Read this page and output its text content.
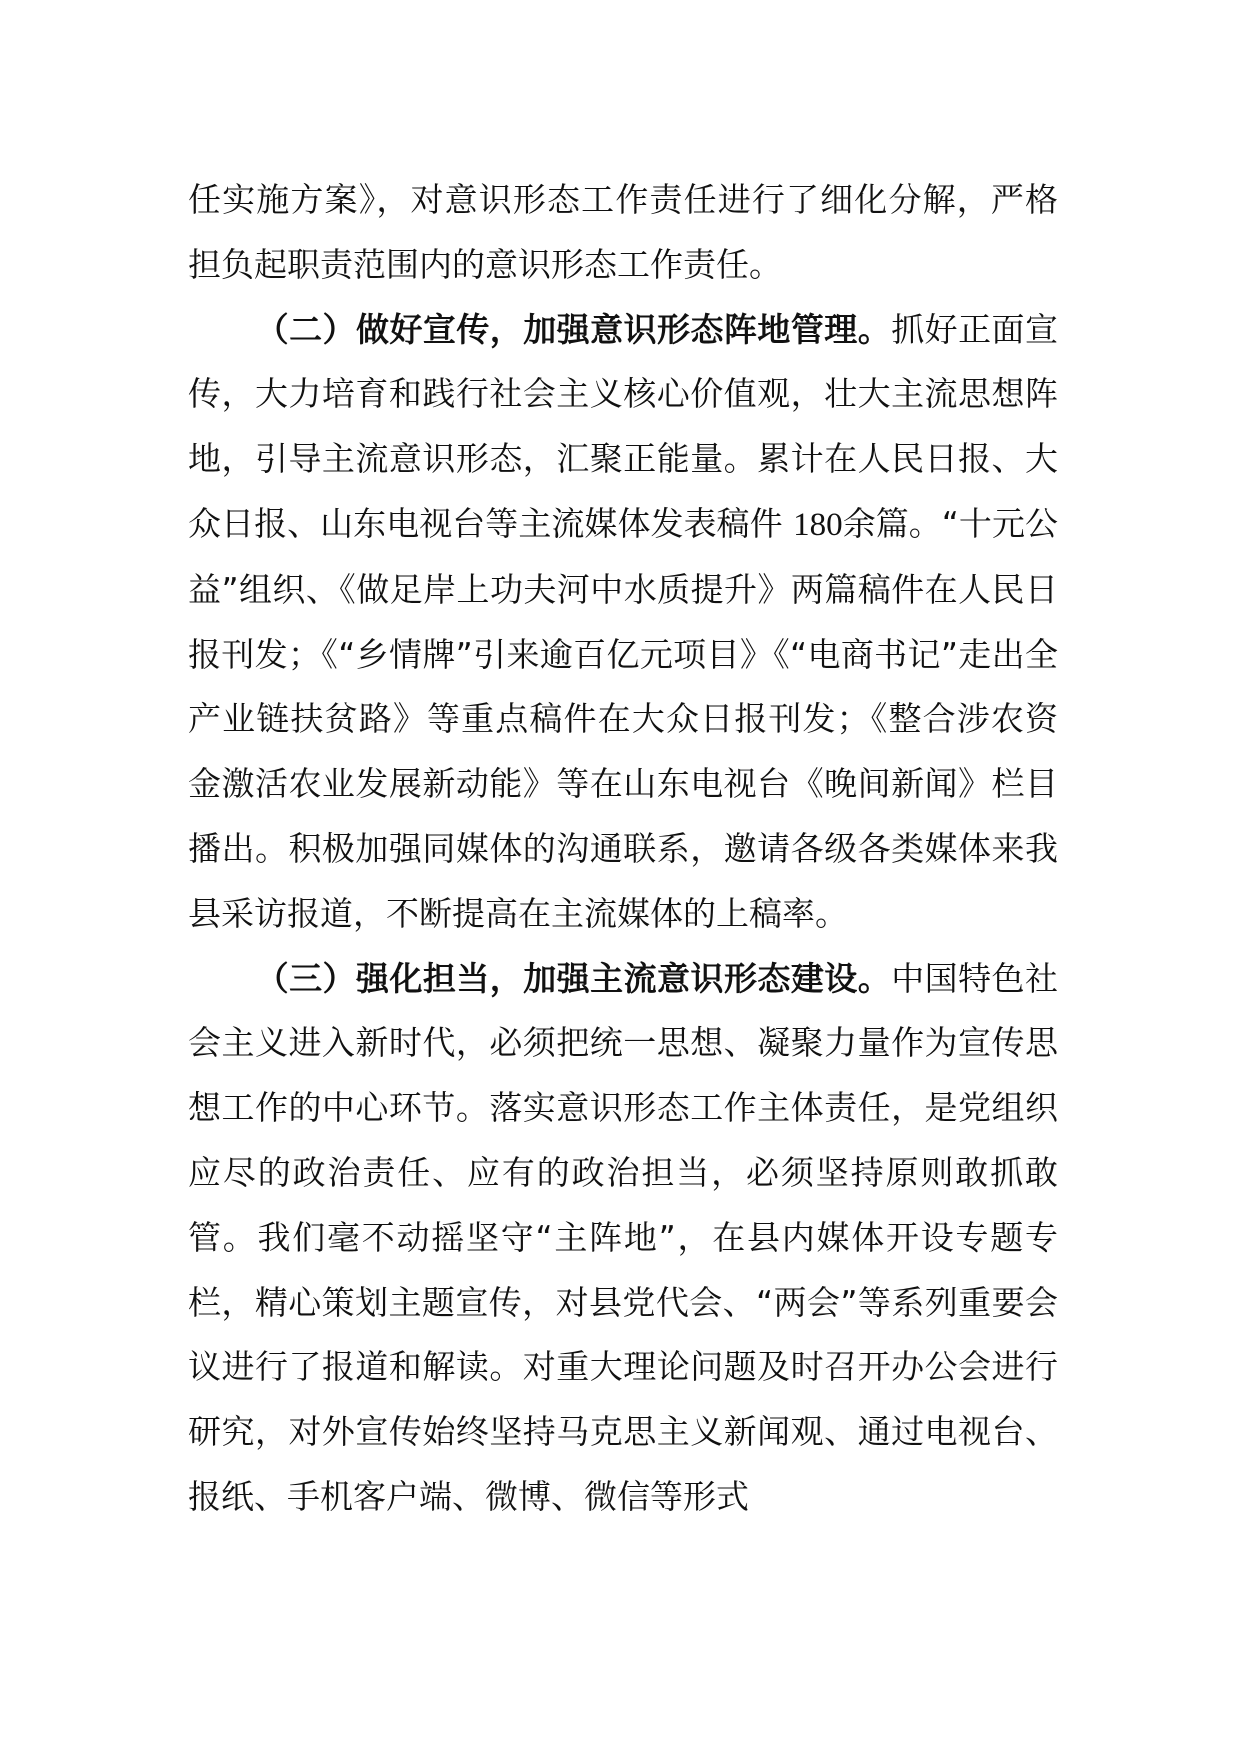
任实施方案》，对意识形态工作责任进行了细化分解，严格担负起职责范围内的意识形态工作责任。

（二）做好宣传，加强意识形态阵地管理。抓好正面宣传，大力培育和践行社会主义核心价值观，壮大主流思想阵地，引导主流意识形态，汇聚正能量。累计在人民日报、大众日报、山东电视台等主流媒体发表稿件 180余篇。“十元公益”组织、《做足岸上功夫河中水质提升》两篇稿件在人民日报刊发；《“乡情牌”引来逾百亿元项目》《“电商书记”走出全产业链扶贫路》等重点稿件在大众日报刊发；《整合涉农资金激活农业发展新动能》等在山东电视台《晚间新闻》栏目播出。积极加强同媒体的沟通联系，邀请各级各类媒体来我县采访报道，不断提高在主流媒体的上稿率。

（三）强化担当，加强主流意识形态建设。中国特色社会主义进入新时代，必须把统一思想、凝聚力量作为宣传思想工作的中心环节。落实意识形态工作主体责任，是党组织应尽的政治责任、应有的政治担当，必须坚持原则敢抓敢管。我们毫不动摇坚守“主阵地”，在县内媒体开设专题专栏，精心策划主题宣传，对县党代会、“两会”等系列重要会议进行了报道和解读。对重大理论问题及时召开办公会进行研究，对外宣传始终坚持马克思主义新闻观、通过电视台、报纸、手机客户端、微博、微信等形式
